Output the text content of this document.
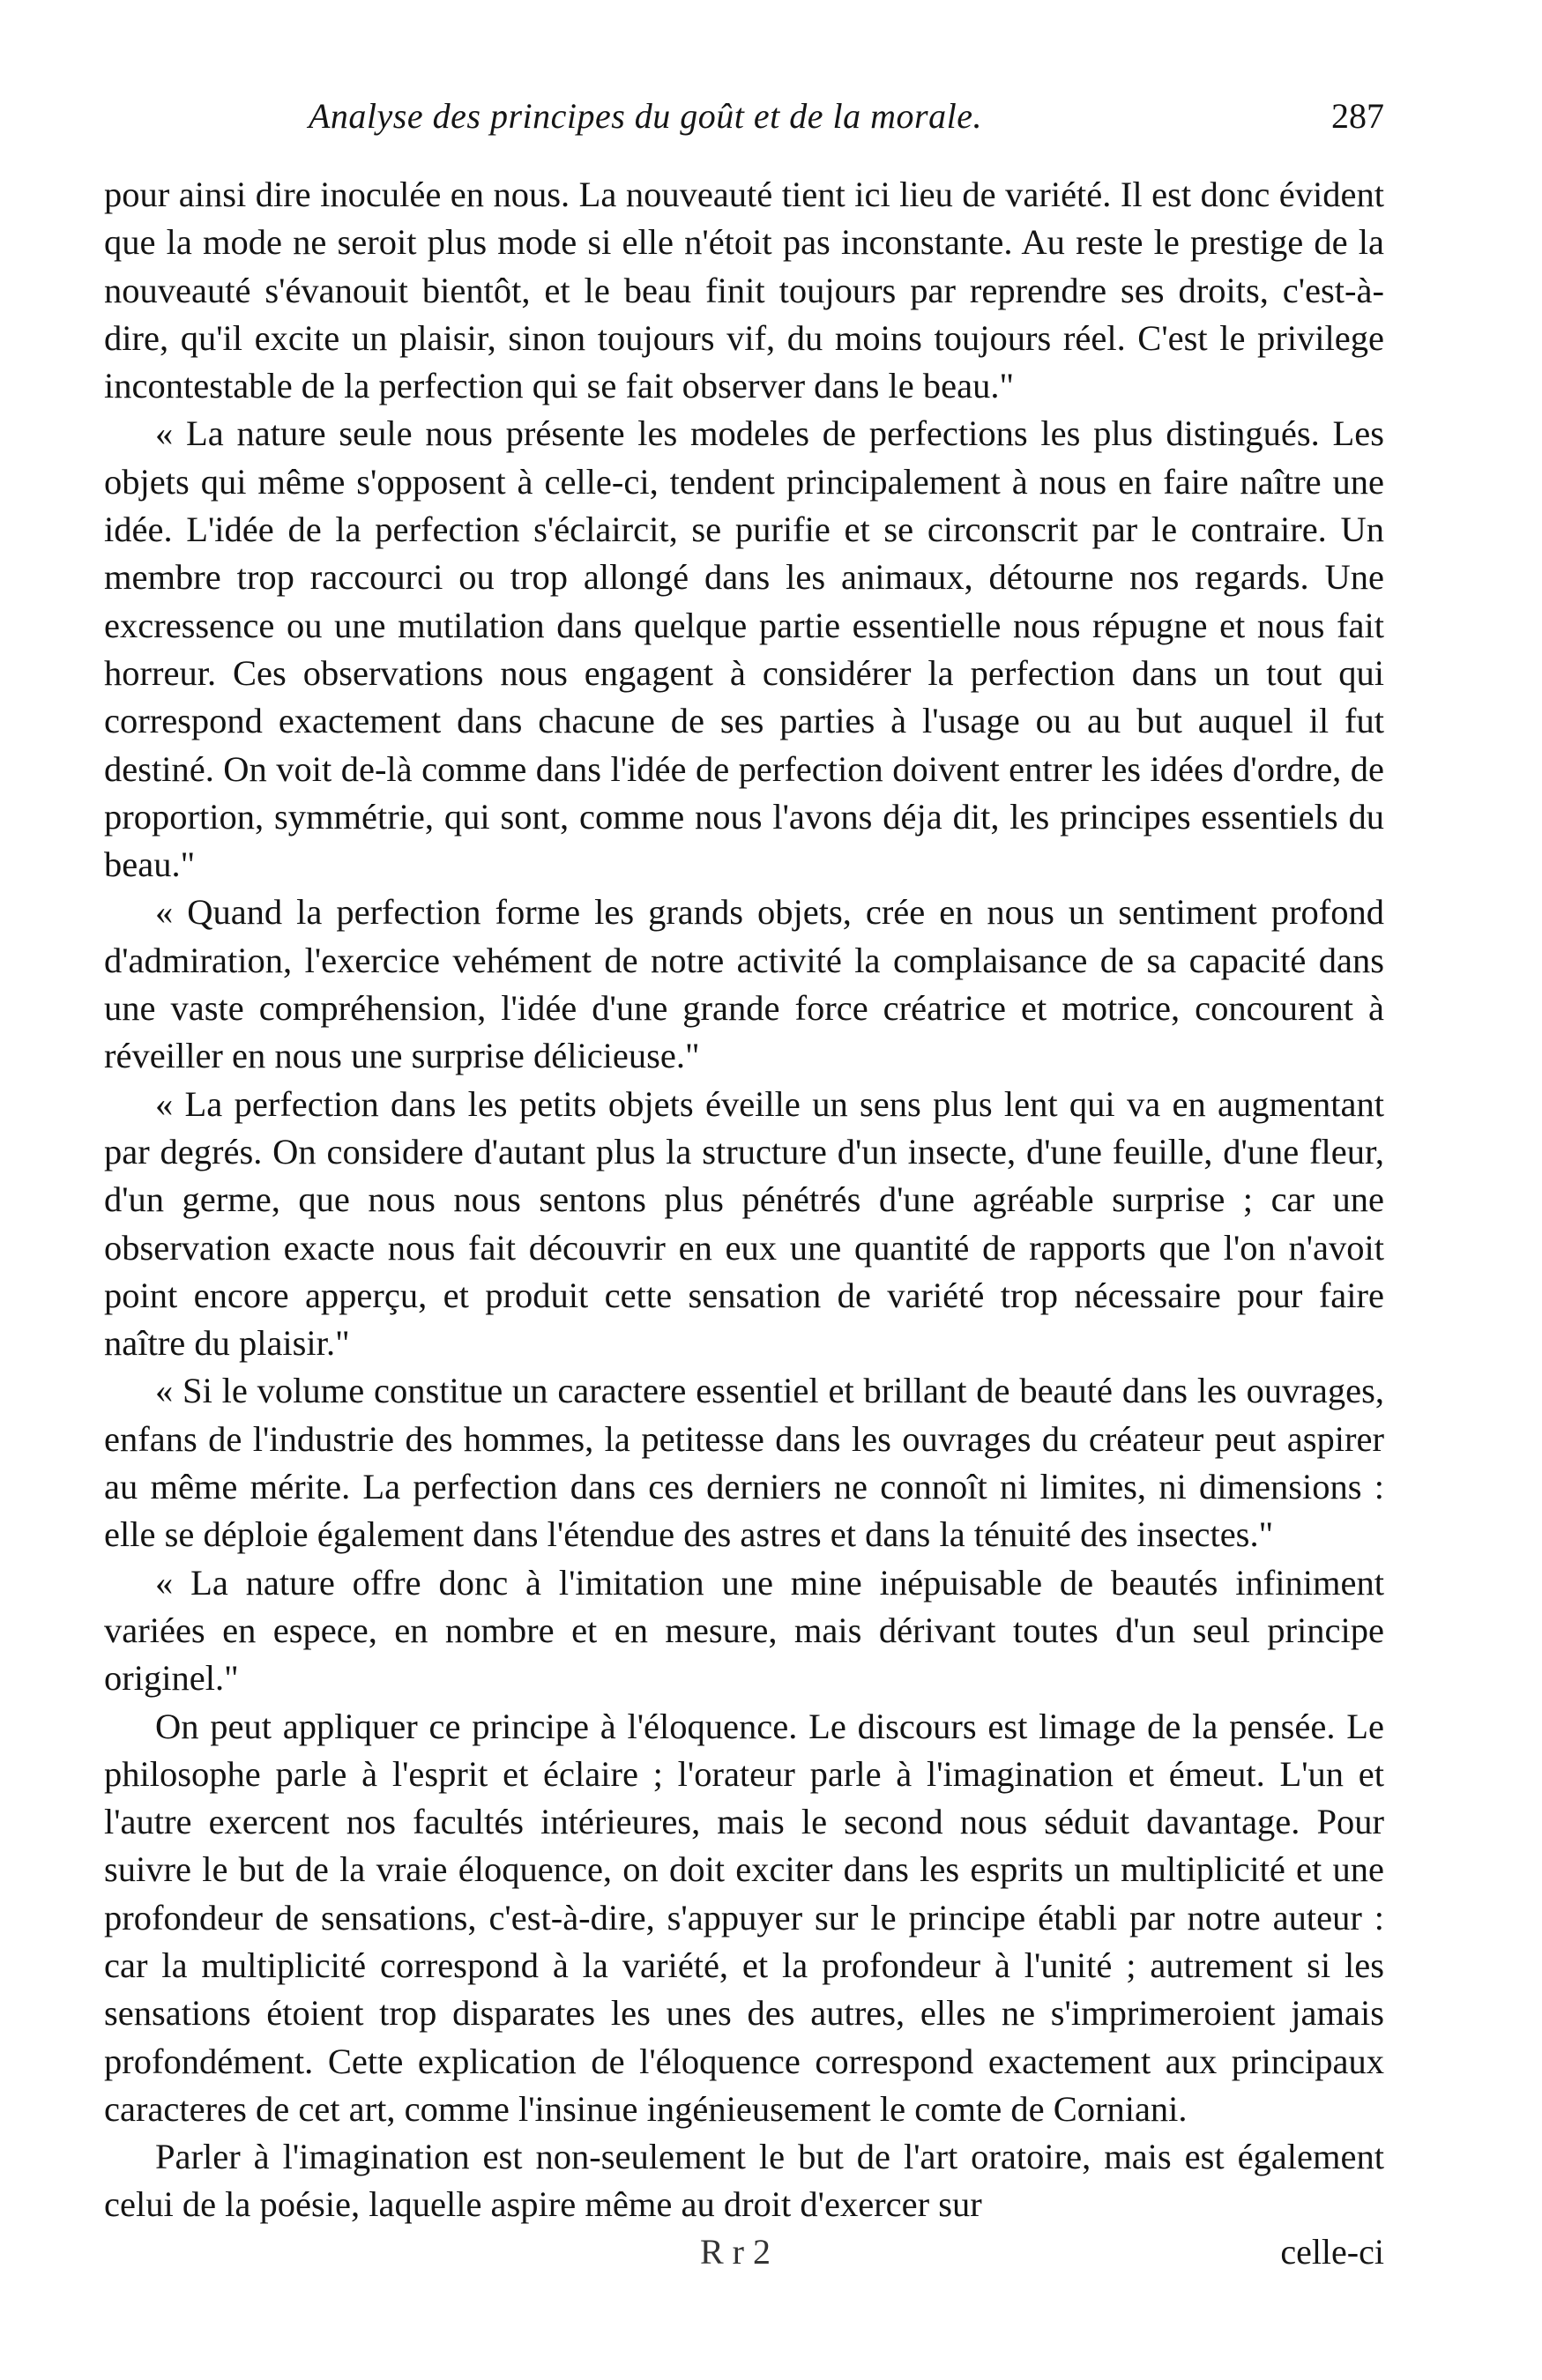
Analyse des principes du goût et de la morale.	287

pour ainsi dire inoculée en nous. La nouveauté tient ici lieu de variété. Il est donc évident que la mode ne seroit plus mode si elle n'étoit pas inconstante. Au reste le prestige de la nouveauté s'évanouit bientôt, et le beau finit toujours par reprendre ses droits, c'est-à-dire, qu'il excite un plaisir, sinon toujours vif, du moins toujours réel. C'est le privilege incontestable de la perfection qui se fait observer dans le beau."

« La nature seule nous présente les modeles de perfections les plus distingués. Les objets qui même s'opposent à celle-ci, tendent principalement à nous en faire naître une idée. L'idée de la perfection s'éclaircit, se purifie et se circonscrit par le contraire. Un membre trop raccourci ou trop allongé dans les animaux, détourne nos regards. Une excressence ou une mutilation dans quelque partie essentielle nous répugne et nous fait horreur. Ces observations nous engagent à considérer la perfection dans un tout qui correspond exactement dans chacune de ses parties à l'usage ou au but auquel il fut destiné. On voit de-là comme dans l'idée de perfection doivent entrer les idées d'ordre, de proportion, symmétrie, qui sont, comme nous l'avons déja dit, les principes essentiels du beau."

« Quand la perfection forme les grands objets, crée en nous un sentiment profond d'admiration, l'exercice vehément de notre activité la complaisance de sa capacité dans une vaste compréhension, l'idée d'une grande force créatrice et motrice, concourent à réveiller en nous une surprise délicieuse."

« La perfection dans les petits objets éveille un sens plus lent qui va en augmentant par degrés. On considere d'autant plus la structure d'un insecte, d'une feuille, d'une fleur, d'un germe, que nous nous sentons plus pénétrés d'une agréable surprise ; car une observation exacte nous fait découvrir en eux une quantité de rapports que l'on n'avoit point encore apperçu, et produit cette sensation de variété trop nécessaire pour faire naître du plaisir."

« Si le volume constitue un caractere essentiel et brillant de beauté dans les ouvrages, enfans de l'industrie des hommes, la petitesse dans les ouvrages du créateur peut aspirer au même mérite. La perfection dans ces derniers ne connoît ni limites, ni dimensions : elle se déploie également dans l'étendue des astres et dans la ténuité des insectes."

« La nature offre donc à l'imitation une mine inépuisable de beautés infiniment variées en espece, en nombre et en mesure, mais dérivant toutes d'un seul principe originel."

On peut appliquer ce principe à l'éloquence. Le discours est limage de la pensée. Le philosophe parle à l'esprit et éclaire ; l'orateur parle à l'imagination et émeut. L'un et l'autre exercent nos facultés intérieures, mais le second nous séduit davantage. Pour suivre le but de la vraie éloquence, on doit exciter dans les esprits un multiplicité et une profondeur de sensations, c'est-à-dire, s'appuyer sur le principe établi par notre auteur : car la multiplicité correspond à la variété, et la profondeur à l'unité ; autrement si les sensations étoient trop disparates les unes des autres, elles ne s'imprimeroient jamais profondément. Cette explication de l'éloquence correspond exactement aux principaux caracteres de cet art, comme l'insinue ingénieusement le comte de Corniani.

Parler à l'imagination est non-seulement le but de l'art oratoire, mais est également celui de la poésie, laquelle aspire même au droit d'exercer sur

R r 2	celle-ci
